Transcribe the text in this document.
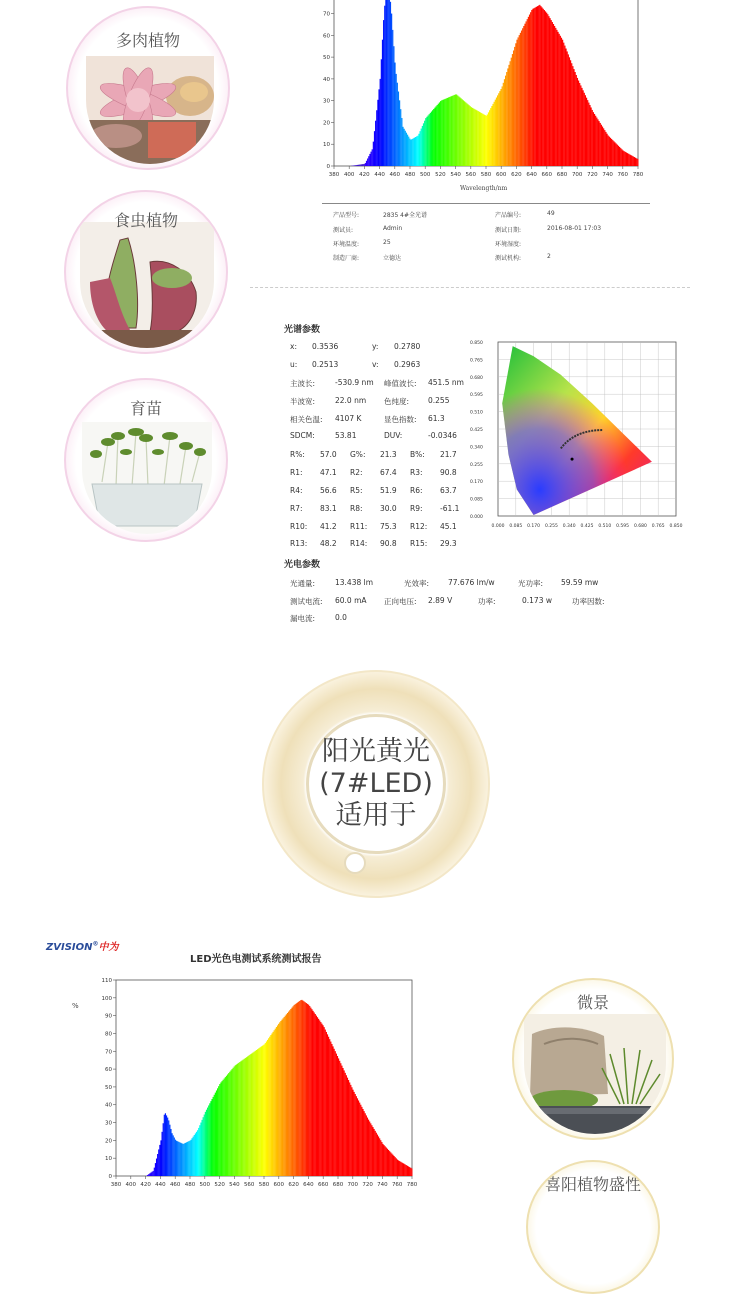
多肉植物
食虫植物
育苗
380 400 420 440 460 480 500 520 540 560 580 600 620 640 660 680 700 720 740 760 780
0
10
20
30
40
50
60
70
Wavelength/nm
产品型号:	2835 4#全光谱	产品编号:	49
测试员:	Admin	测试日期:	2016-08-01 17:03
环境温度:	25	环境湿度:
制造厂商:	立德达	测试机构:	2
光谱参数
x: 0.3536	y: 0.2780
u: 0.2513	v: 0.2963
主波长:	-530.9 nm 峰值波长: 451.5 nm
半波宽:	22.0 nm 色纯度:	0.255
相关色温: 4107 K	显色指数: 61.3
SDCM:	53.81	DUV:	-0.0346
R%: 57.0 G%: 21.3 B%: 21.7
R1: 47.1 R2: 67.4 R3: 90.8
R4: 56.6 R5: 51.9 R6: 63.7
R7: 83.1 R8: 30.0 R9: -61.1
R10: 41.2 R11: 75.3 R12: 45.1
R13: 48.2 R14: 90.8 R15: 29.3
0.850
0.765
0.680
0.595
0.510
0.425
0.340
0.255
0.170
0.085
0.000
0.000 0.085 0.170 0.255 0.340 0.425 0.510 0.595 0.680 0.765 0.850
光电参数
光通量:	13.438 lm	光效率:	77.676 lm/w	光功率: 59.59 mw
测试电流: 60.0 mA 正向电压: 2.89 V	功率:	0.173 w	功率因数:
漏电流:	0.0
阳光黄光
(7#LED)
适用于
ZVISION®中为
LED光色电测试系统测试报告
%
380 400 420 440 460 480 500 520 540 560 580 600 620 640 660 680 700 720 740 760 780
0
10
20
30
40
50
60
70
80
90
100
110
微景
喜阳植物盛性
